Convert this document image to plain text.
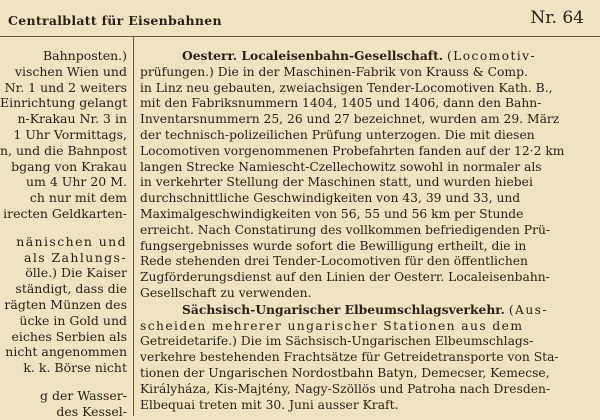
Centralblatt für Eisenbahnen	Nr. 64
Bahnposten.)
vischen Wien und
Nr. 1 und 2 weiters
Einrichtung gelangt
n-Krakau Nr. 3 in
1 Uhr Vormittags,
n, und die Bahnpost
bgang von Krakau
um 4 Uhr 20 M.
ch nur mit dem
irecten Geldkarten-
nänischen und
als Zahlungs-
ölle.) Die Kaiser
ständigt, dass die
rägten Münzen des
ücke in Gold und
eiches Serbien als
nicht angenommen
k. k. Börse nicht
g der Wasser-
des Kessel-
Oesterr. Localeisenbahn-Gesellschaft. (Locomotiv-
prüfungen.) Die in der Maschinen-Fabrik von Krauss & Comp.
in Linz neu gebauten, zweiachsigen Tender-Locomotiven Kath. B.,
mit den Fabriksnummern 1404, 1405 und 1406, dann den Bahn-
Inventarsnummern 25, 26 und 27 bezeichnet, wurden am 29. März
der technisch-polizeilichen Prüfung unterzogen. Die mit diesen
Locomotiven vorgenommenen Probefahrten fanden auf der 12·2 km
langen Strecke Namiescht-Czellechowitz sowohl in normaler als
in verkehrter Stellung der Maschinen statt, und wurden hiebei
durchschnittliche Geschwindigkeiten von 43, 39 und 33, und
Maximalgeschwindigkeiten von 56, 55 und 56 km per Stunde
erreicht. Nach Constatirung des vollkommen befriedigenden Prü-
fungsergebnisses wurde sofort die Bewilligung ertheilt, die in
Rede stehenden drei Tender-Locomotiven für den öffentlichen
Zugförderungsdienst auf den Linien der Oesterr. Localeisenbahn-
Gesellschaft zu verwenden.
Sächsisch-Ungarischer Elbeumschlagsverkehr. (Aus-
scheiden mehrerer ungarischer Stationen aus dem
Getreidetarife.) Die im Sächsisch-Ungarischen Elbeumschlags-
verkehre bestehenden Frachtsätze für Getreidetransporte von Sta-
tionen der Ungarischen Nordostbahn Batyn, Demecser, Kemecse,
Királyháza, Kis-Majtény, Nagy-Szöllös und Patroha nach Dresden-
Elbequai treten mit 30. Juni ausser Kraft.
